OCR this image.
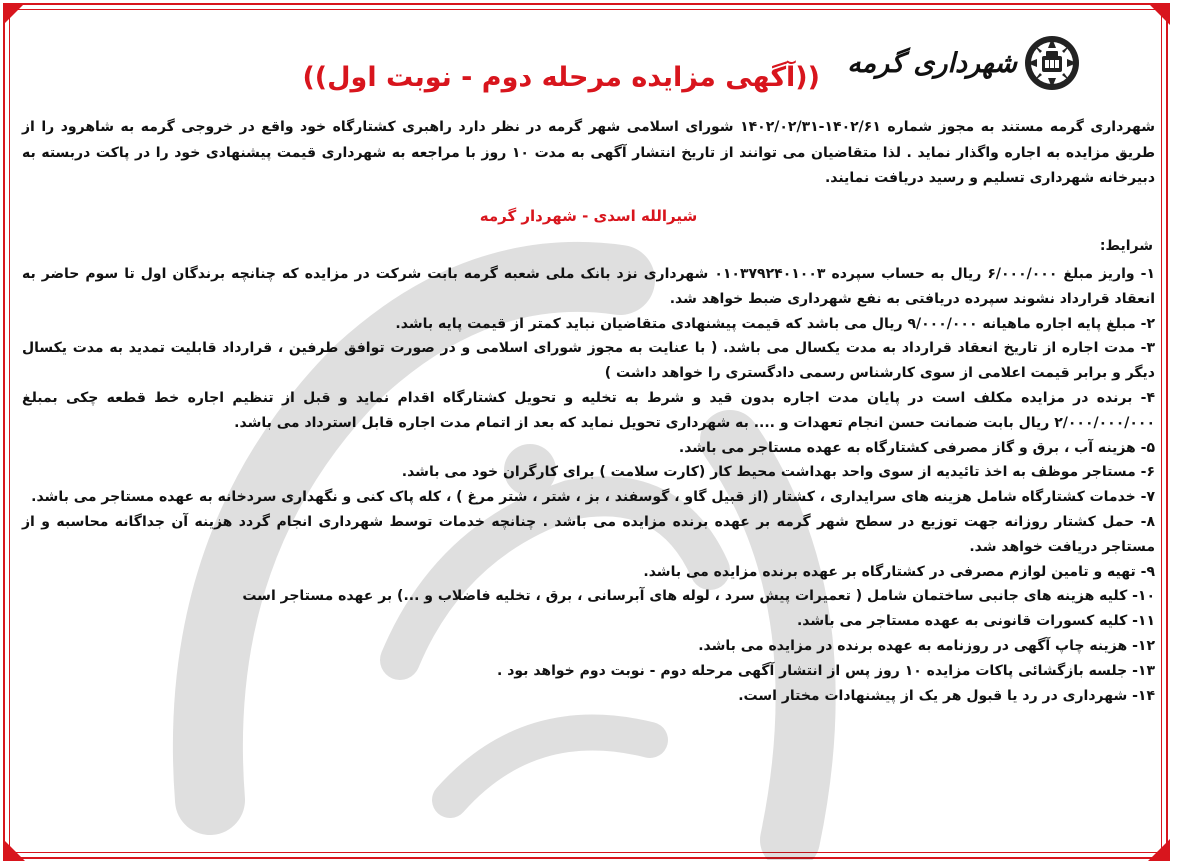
شهرداری گرمه
((آگهی مزایده مرحله دوم - نوبت اول))
شهرداری گرمه مستند به مجوز شماره ۱۴۰۲/۶۱-۱۴۰۲/۰۲/۳۱ شورای اسلامی شهر گرمه در نظر دارد راهبری کشتارگاه خود واقع در خروجی گرمه به شاهرود را از طریق مزایده به اجاره واگذار نماید . لذا متقاضیان می توانند از تاریخ انتشار آگهی به مدت ۱۰ روز با مراجعه به شهرداری قیمت پیشنهادی خود را در پاکت دربسته به دبیرخانه شهرداری تسلیم و رسید دریافت نمایند.
شیرالله اسدی - شهردار گرمه
شرایط:
۱- واریز مبلغ ۶/۰۰۰/۰۰۰ ریال به حساب سپرده ۰۱۰۳۷۹۲۴۰۱۰۰۳ شهرداری نزد بانک ملی شعبه گرمه بابت شرکت در مزایده که چنانچه برندگان اول تا سوم حاضر به انعقاد قرارداد نشوند سپرده دریافتی به نفع شهرداری ضبط خواهد شد.
۲- مبلغ پایه اجاره ماهیانه ۹/۰۰۰/۰۰۰ ریال می باشد که قیمت پیشنهادی متقاضیان نباید کمتر از قیمت پایه باشد.
۳- مدت اجاره از تاریخ انعقاد قرارداد به مدت یکسال می باشد. ( با عنایت به مجوز شورای اسلامی و در صورت توافق طرفین ، قرارداد قابلیت تمدید به مدت یکسال دیگر و برابر قیمت اعلامی از سوی کارشناس رسمی دادگستری را خواهد داشت )
۴- برنده در مزایده مکلف است در پایان مدت اجاره بدون قید و شرط به تخلیه و تحویل کشتارگاه اقدام نماید و قبل از تنظیم اجاره خط قطعه چکی بمبلغ ۲/۰۰۰/۰۰۰/۰۰۰ ریال بابت ضمانت حسن انجام تعهدات و .... به شهرداری تحویل نماید که بعد از اتمام مدت اجاره قابل استرداد می باشد.
۵- هزینه آب ، برق و گاز مصرفی کشتارگاه به عهده مستاجر می باشد.
۶- مستاجر موظف به اخذ تائیدیه از سوی واحد بهداشت محیط کار (کارت سلامت ) برای کارگران خود می باشد.
۷- خدمات کشتارگاه شامل هزینه های سرایداری ، کشتار (از قبیل گاو ، گوسفند ، بز ، شتر ، شتر مرغ ) ، کله پاک کنی و نگهداری سردخانه به عهده مستاجر می باشد.
۸- حمل کشتار روزانه جهت توزیع در سطح شهر گرمه بر عهده برنده مزایده می باشد . چنانچه خدمات توسط شهرداری انجام گردد هزینه آن جداگانه محاسبه و از مستاجر دریافت خواهد شد.
۹- تهیه و تامین لوازم مصرفی در کشتارگاه بر عهده برنده مزایده می باشد.
۱۰- کلیه هزینه های جانبی ساختمان شامل ( تعمیرات پیش سرد ، لوله های آبرسانی ، برق ، تخلیه فاضلاب و ...) بر عهده مستاجر است
۱۱- کلیه کسورات قانونی به عهده مستاجر می باشد.
۱۲- هزینه چاپ آگهی در روزنامه به عهده برنده در مزایده می باشد.
۱۳- جلسه بازگشائی پاکات مزایده ۱۰ روز پس از انتشار آگهی مرحله دوم - نوبت دوم خواهد بود .
۱۴- شهرداری در رد یا قبول هر یک از پیشنهادات مختار است.
